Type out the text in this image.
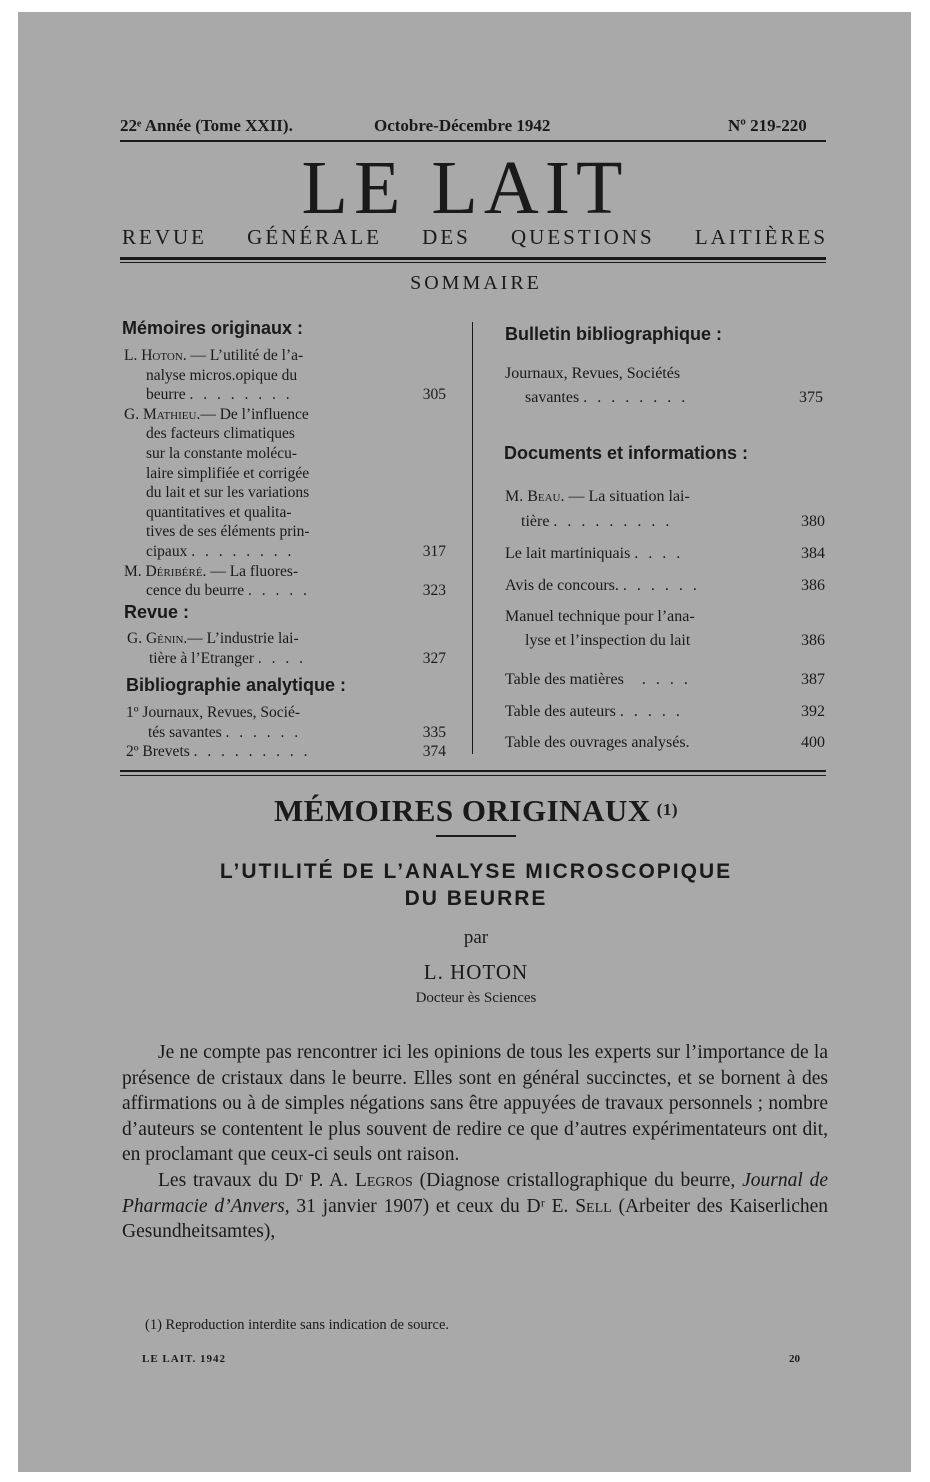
22ᵉ Année (Tome XXII).	Octobre-Décembre 1942	Nº 219-220
LE LAIT
REVUE GÉNÉRALE DES QUESTIONS LAITIÈRES
SOMMAIRE
Mémoires originaux :
L. Hoton. — L’utilité de l’a-
nalyse micros.opique du
beurre . . . . . . . .	305
G. Mathieu.— De l’influence
des facteurs climatiques
sur la constante molécu-
laire simplifiée et corrigée
du lait et sur les variations
quantitatives et qualita-
tives de ses éléments prin-
cipaux . . . . . . . .	317
M. Déribéré. — La fluores-
cence du beurre . . . . .	323
Revue :
G. Génin.— L’industrie lai-
tière à l’Etranger . . . .	327
Bibliographie analytique :
1º Journaux, Revues, Socié-
tés savantes . . . . . .	335
2º Brevets . . . . . . . . .	374
Bulletin bibliographique :
Journaux, Revues, Sociétés
savantes . . . . . . . .	375
Documents et informations :
M. Beau. — La situation lai-
tière . . . . . . . . .	380
Le lait martiniquais . . . .	384
Avis de concours. . . . . . .	386
Manuel technique pour l’ana-
lyse et l’inspection du lait	386
Table des matières   . . . .	387
Table des auteurs . . . . .	392
Table des ouvrages analysés.	400
MÉMOIRES ORIGINAUX $^{(1)}$
L’UTILITÉ DE L’ANALYSE MICROSCOPIQUE
DU BEURRE
par
L. HOTON
Docteur ès Sciences

Je ne compte pas rencontrer ici les opinions de tous les experts sur l’importance de la présence de cristaux dans le beurre. Elles sont en général succinctes, et se bornent à des affirmations ou à de simples négations sans être appuyées de travaux personnels ; nombre d’auteurs se contentent le plus souvent de redire ce que d’autres expérimentateurs ont dit, en proclamant que ceux-ci seuls ont raison.

Les travaux du Dʳ P. A. Legros (Diagnose cristallographique du beurre, Journal de Pharmacie d’Anvers, 31 janvier 1907) et ceux du Dʳ E. Sell (Arbeiter des Kaiserlichen Gesundheitsamtes),

(1) Reproduction interdite sans indication de source.
LE LAIT. 1942	20
